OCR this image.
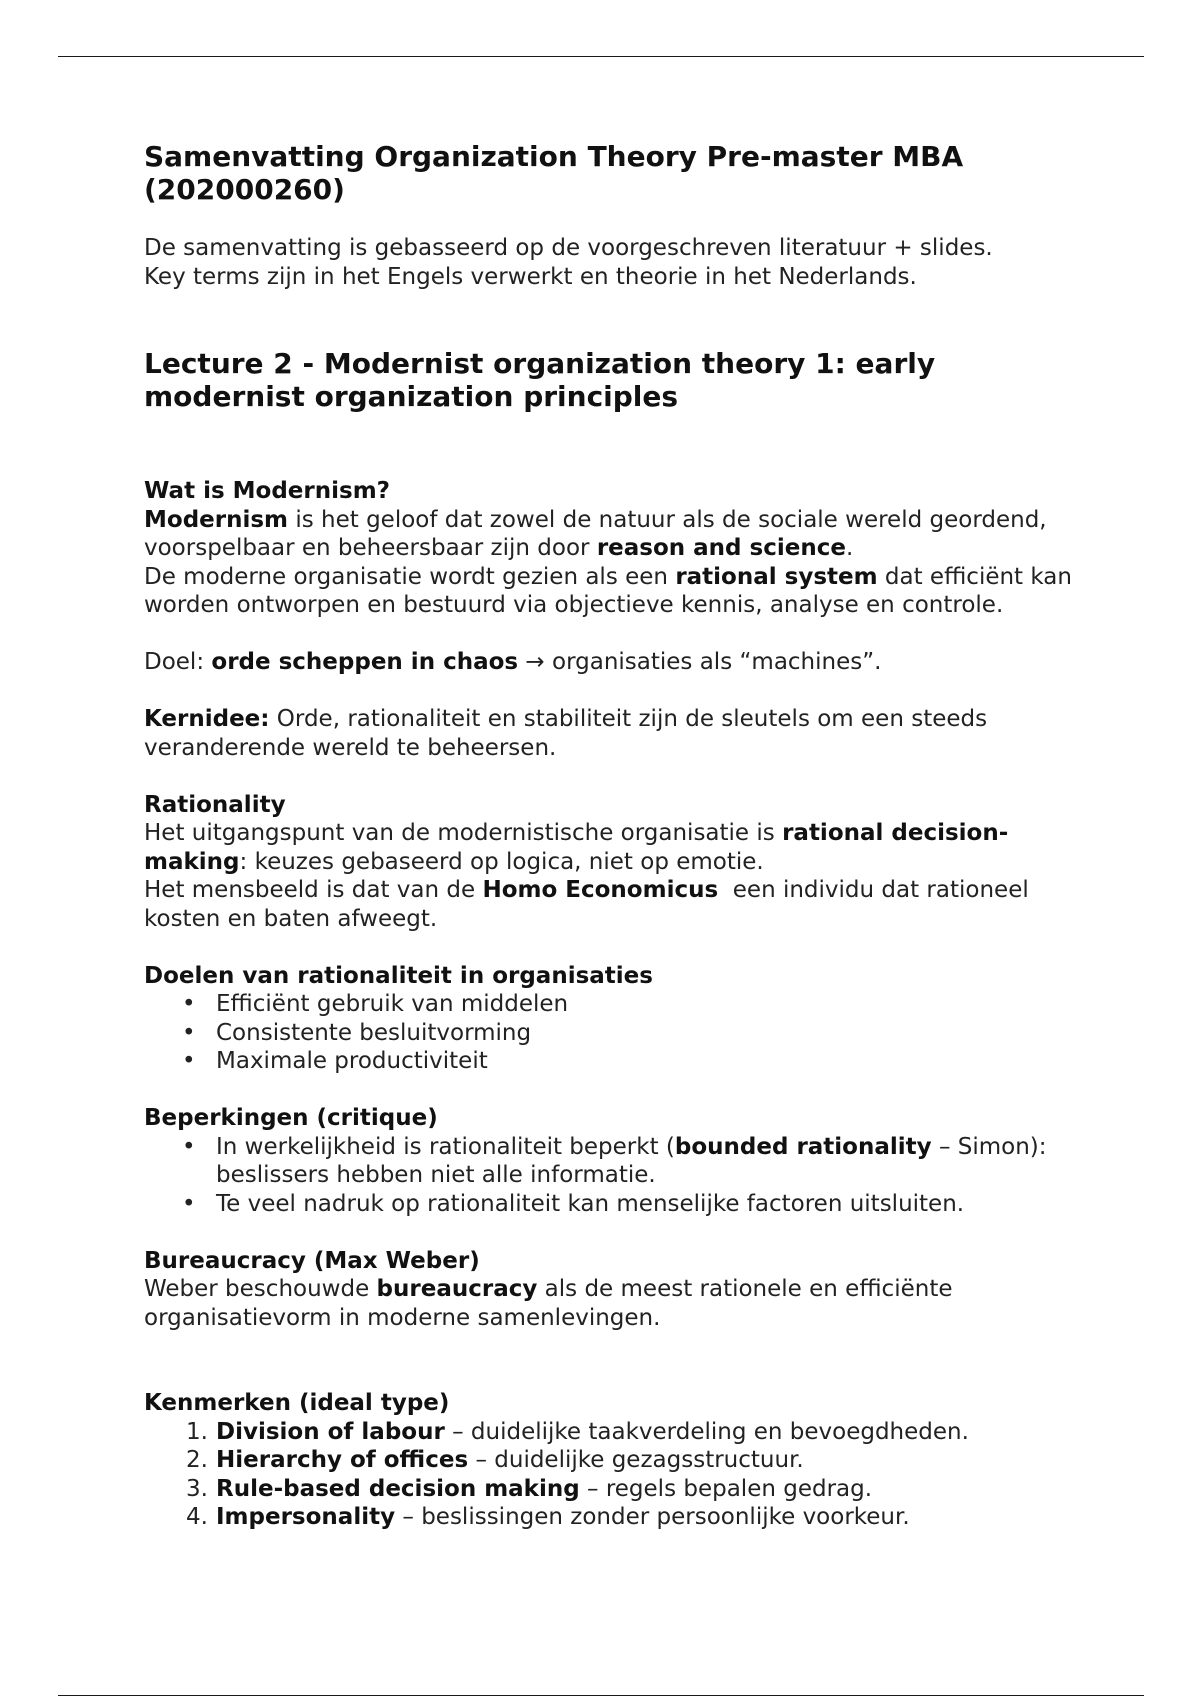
Samenvatting Organization Theory Pre-master MBA (202000260)

De samenvatting is gebasseerd op de voorgeschreven literatuur + slides.

Key terms zijn in het Engels verwerkt en theorie in het Nederlands.

Lecture 2 - Modernist organization theory 1: early modernist organization principles
Wat is Modernism?

Modernism is het geloof dat zowel de natuur als de sociale wereld geordend, voorspelbaar en beheersbaar zijn door reason and science.

De moderne organisatie wordt gezien als een rational system dat efficiënt kan worden ontworpen en bestuurd via objectieve kennis, analyse en controle.

Doel: orde scheppen in chaos → organisaties als “machines”.

Kernidee: Orde, rationaliteit en stabiliteit zijn de sleutels om een steeds veranderende wereld te beheersen.

Rationality

Het uitgangspunt van de modernistische organisatie is rational decision-making: keuzes gebaseerd op logica, niet op emotie.

Het mensbeeld is dat van de Homo Economicus  een individu dat rationeel kosten en baten afweegt.

Doelen van rationaliteit in organisaties
• Efficiënt gebruik van middelen
• Consistente besluitvorming
• Maximale productiviteit
Beperkingen (critique)
• In werkelijkheid is rationaliteit beperkt (bounded rationality – Simon): beslissers hebben niet alle informatie.
• Te veel nadruk op rationaliteit kan menselijke factoren uitsluiten.
Bureaucracy (Max Weber)

Weber beschouwde bureaucracy als de meest rationele en efficiënte organisatievorm in moderne samenlevingen.

Kenmerken (ideal type)
1. Division of labour – duidelijke taakverdeling en bevoegdheden.
2. Hierarchy of offices – duidelijke gezagsstructuur.
3. Rule-based decision making – regels bepalen gedrag.
4. Impersonality – beslissingen zonder persoonlijke voorkeur.
